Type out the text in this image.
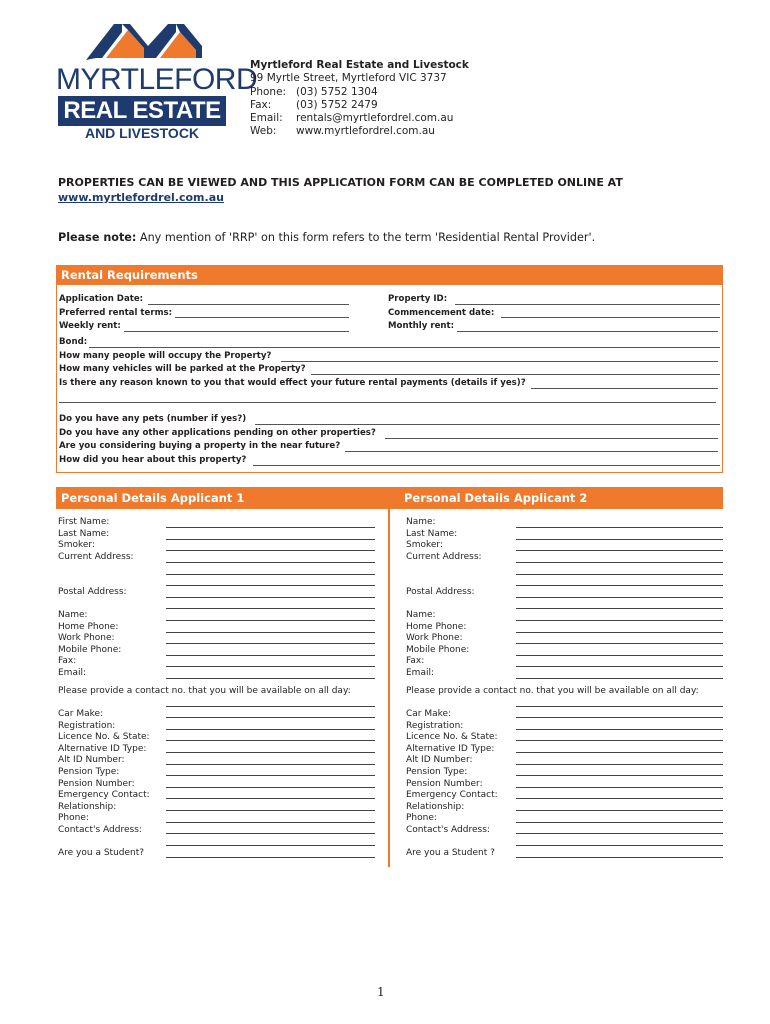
MYRTLEFORD
REAL ESTATE
AND LIVESTOCK
Myrtleford Real Estate and Livestock
99 Myrtle Street, Myrtleford VIC 3737
Phone: (03) 5752 1304
Fax:	(03) 5752 2479
Email:	rentals@myrtlefordrel.com.au
Web:	www.myrtlefordrel.com.au
PROPERTIES CAN BE VIEWED AND THIS APPLICATION FORM CAN BE COMPLETED ONLINE AT
www.myrtlefordrel.com.au
Please note: Any mention of 'RRP' on this form refers to the term 'Residential Rental Provider'.
Rental Requirements
Application Date:
Preferred rental terms:
Weekly rent:
Property ID:
Commencement date:
Monthly rent:
Bond:
How many people will occupy the Property?
How many vehicles will be parked at the Property?
Is there any reason known to you that would effect your future rental payments (details if yes)?
Do you have any pets (number if yes?)
Do you have any other applications pending on other properties?
Are you considering buying a property in the near future?
How did you hear about this property?
Personal Details Applicant 1	Personal Details Applicant 2
First Name:
Last Name:
Smoker:
Current Address:
Postal Address:
Name:
Home Phone:
Work Phone:
Mobile Phone:
Fax:
Email:
Please provide a contact no. that you will be available on all day:
Car Make:
Registration:
Licence No. & State:
Alternative ID Type:
Alt ID Number:
Pension Type:
Pension Number:
Emergency Contact:
Relationship:
Phone:
Contact's Address:
Are you a Student?
Name:
Last Name:
Smoker:
Current Address:
Postal Address:
Name:
Home Phone:
Work Phone:
Mobile Phone:
Fax:
Email:
Please provide a contact no. that you will be available on all day:
Car Make:
Registration:
Licence No. & State:
Alternative ID Type:
Alt ID Number:
Pension Type:
Pension Number:
Emergency Contact:
Relationship:
Phone:
Contact's Address:
Are you a Student ?
1
